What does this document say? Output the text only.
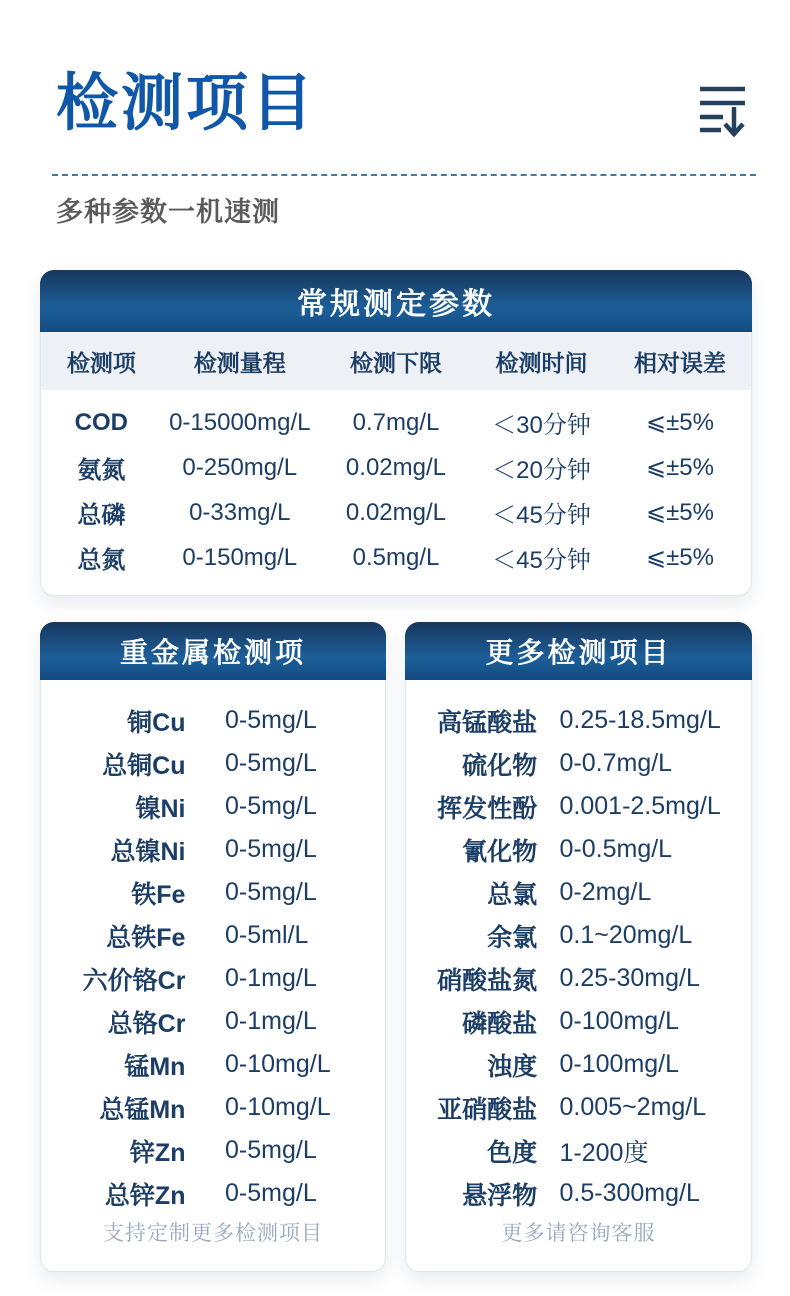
检测项目
多种参数一机速测
常规测定参数
检测项	检测量程	检测下限	检测时间	相对误差
COD	0-15000mg/L	0.7mg/L	＜30分钟	⩽±5%
氨氮	0-250mg/L	0.02mg/L	＜20分钟	⩽±5%
总磷	0-33mg/L	0.02mg/L	＜45分钟	⩽±5%
总氮	0-150mg/L	0.5mg/L	＜45分钟	⩽±5%
重金属检测项
铜Cu 0-5mg/L
总铜Cu 0-5mg/L
镍Ni 0-5mg/L
总镍Ni 0-5mg/L
铁Fe 0-5mg/L
总铁Fe 0-5ml/L
六价铬Cr 0-1mg/L
总铬Cr 0-1mg/L
锰Mn 0-10mg/L
总锰Mn 0-10mg/L
锌Zn 0-5mg/L
总锌Zn 0-5mg/L
支持定制更多检测项目
更多检测项目
高锰酸盐 0.25-18.5mg/L
硫化物 0-0.7mg/L
挥发性酚 0.001-2.5mg/L
氰化物 0-0.5mg/L
总氯 0-2mg/L
余氯 0.1~20mg/L
硝酸盐氮 0.25-30mg/L
磷酸盐 0-100mg/L
浊度 0-100mg/L
亚硝酸盐 0.005~2mg/L
色度 1-200度
悬浮物 0.5-300mg/L
更多请咨询客服
